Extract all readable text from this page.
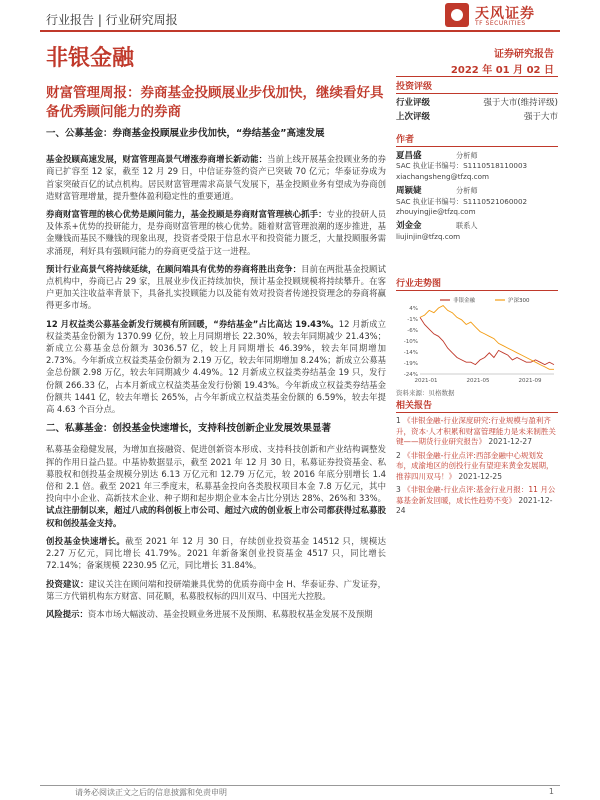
行业报告 | 行业研究周报	天风证券
TF SECURITIES
非银金融	证券研究报告
2022 年 01 月 02 日
财富管理周报：券商基金投顾展业步伐加快，继续看好具备优秀顾问能力的券商

一、公募基金：券商基金投顾展业步伐加快，“券结基金”高速发展

基金投顾高速发展，财富管理高景气增涨券商增长新动能：当前上线开展基金投顾业务的券商已扩容至 12 家，截至 12 月 29 日，中信证券签约资产已突破 70 亿元；华泰证券成为首家突破百亿的试点机构。居民财富管理需求高景气发展下，基金投顾业务有望成为券商创造财富管理增量，提升整体盈利稳定性的重要通道。

券商财富管理的核心优势是顾问能力，基金投顾是券商财富管理核心抓手：专业的投研人员及体系+优势的投研能力，是券商财富管理的核心优势。随着财富管理浪潮的逐步推进，基金赚钱而基民不赚钱的现象出现，投资者受限于信息水平和投资能力匮乏，大量投顾服务需求涌现，利好具有强顾问能力的券商更受益于这一进程。

预计行业高景气将持续延续，在顾问端具有优势的券商将胜出竞争：目前在两批基金投顾试点机构中，券商已占 29 家，且展业步伐正持续加快，预计基金投顾规模将持续攀升。在客户更加关注收益率背景下，具备扎实投顾能力以及能有效对投资者传递投资理念的券商将赢得更多市场。

12 月权益类公募基金新发行规模有所回暖，“券结基金”占比高达 19.43%。12 月新成立权益类基金份额为 1370.99 亿份，较上月同期增长 22.30%，较去年同期减少 21.43%；新成立公募基金总份额为 3036.57 亿，较上月同期增长 46.39%，较去年同期增加 2.73%。今年新成立权益类基金份额为 2.19 万亿，较去年同期增加 8.24%；新成立公募基金总份额 2.98 万亿，较去年同期减少 4.49%。12 月新成立权益类券结基金 19 只，发行份额 266.33 亿，占本月新成立权益类基金发行份额 19.43%。今年新成立权益类券结基金份额共 1441 亿，较去年增长 265%，占今年新成立权益类基金份额的 6.59%，较去年提高 4.63 个百分点。

二、私募基金：创投基金快速增长，支持科技创新企业发展效果显著

私募基金稳健发展，为增加直接融资、促进创新资本形成、支持科技创新和产业结构调整发挥的作用日益凸显。中基协数据显示，截至 2021 年 12 月 30 日，私募证券投资基金、私募股权和创投基金规模分别达 6.13 万亿元和 12.79 万亿元，较 2016 年底分别增长 1.4 倍和 2.1 倍。截至 2021 年三季度末，私募基金投向各类股权项目本金 7.8 万亿元，其中投向中小企业、高新技术企业、种子期和起步期企业本金占比分别达 28%、26%和 33%。试点注册制以来，超过八成的科创板上市公司、超过六成的创业板上市公司都获得过私募股权和创投基金支持。

创投基金快速增长。截至 2021 年 12 月 30 日，存续创业投资基金 14512 只，规模达 2.27 万亿元，同比增长 41.79%。2021 年新备案创业投资基金 4517 只，同比增长 72.14%；备案规模 2230.95 亿元，同比增长 31.84%。

投资建议：建议关注在顾问端和投研端兼具优势的优质券商中金 H、华泰证券、广发证券，第三方代销机构东方财富、同花顺，私募股权标的四川双马、中国光大控股。

风险提示：资本市场大幅波动、基金投顾业务进展不及预期、私募股权基金发展不及预期

投资评级
行业评级	强于大市(维持评级)
上次评级	强于大市
作者
夏昌盛	分析师
SAC 执业证书编号：S1110518110003
xiachangsheng@tfzq.com
周颖婕	分析师
SAC 执业证书编号：S1110521060002
zhouyingjie@tfzq.com
刘金金	联系人
liujinjin@tfzq.com
行业走势图
4%
-1%
-6%
-10%
-14%
-19%
-24%
2021-01	2021-05	2021-09
非银金融	沪深300
资料来源：贝格数据
相关报告
1 《非银金融-行业深度研究:行业规模与盈利齐升，资本·人才积累和财富管理能力是未来制胜关键——期货行业研究报告》 2021-12-27
2 《非银金融-行业点评:西部金融中心规划发布，成渝地区的创投行业有望迎来黄金发展期，推荐四川双马！》 2021-12-25
3 《非银金融-行业点评:基金行业月报：11 月公募基金新发回暖，成长性趋势不变》 2021-12-24
请务必阅读正文之后的信息披露和免责申明	1
